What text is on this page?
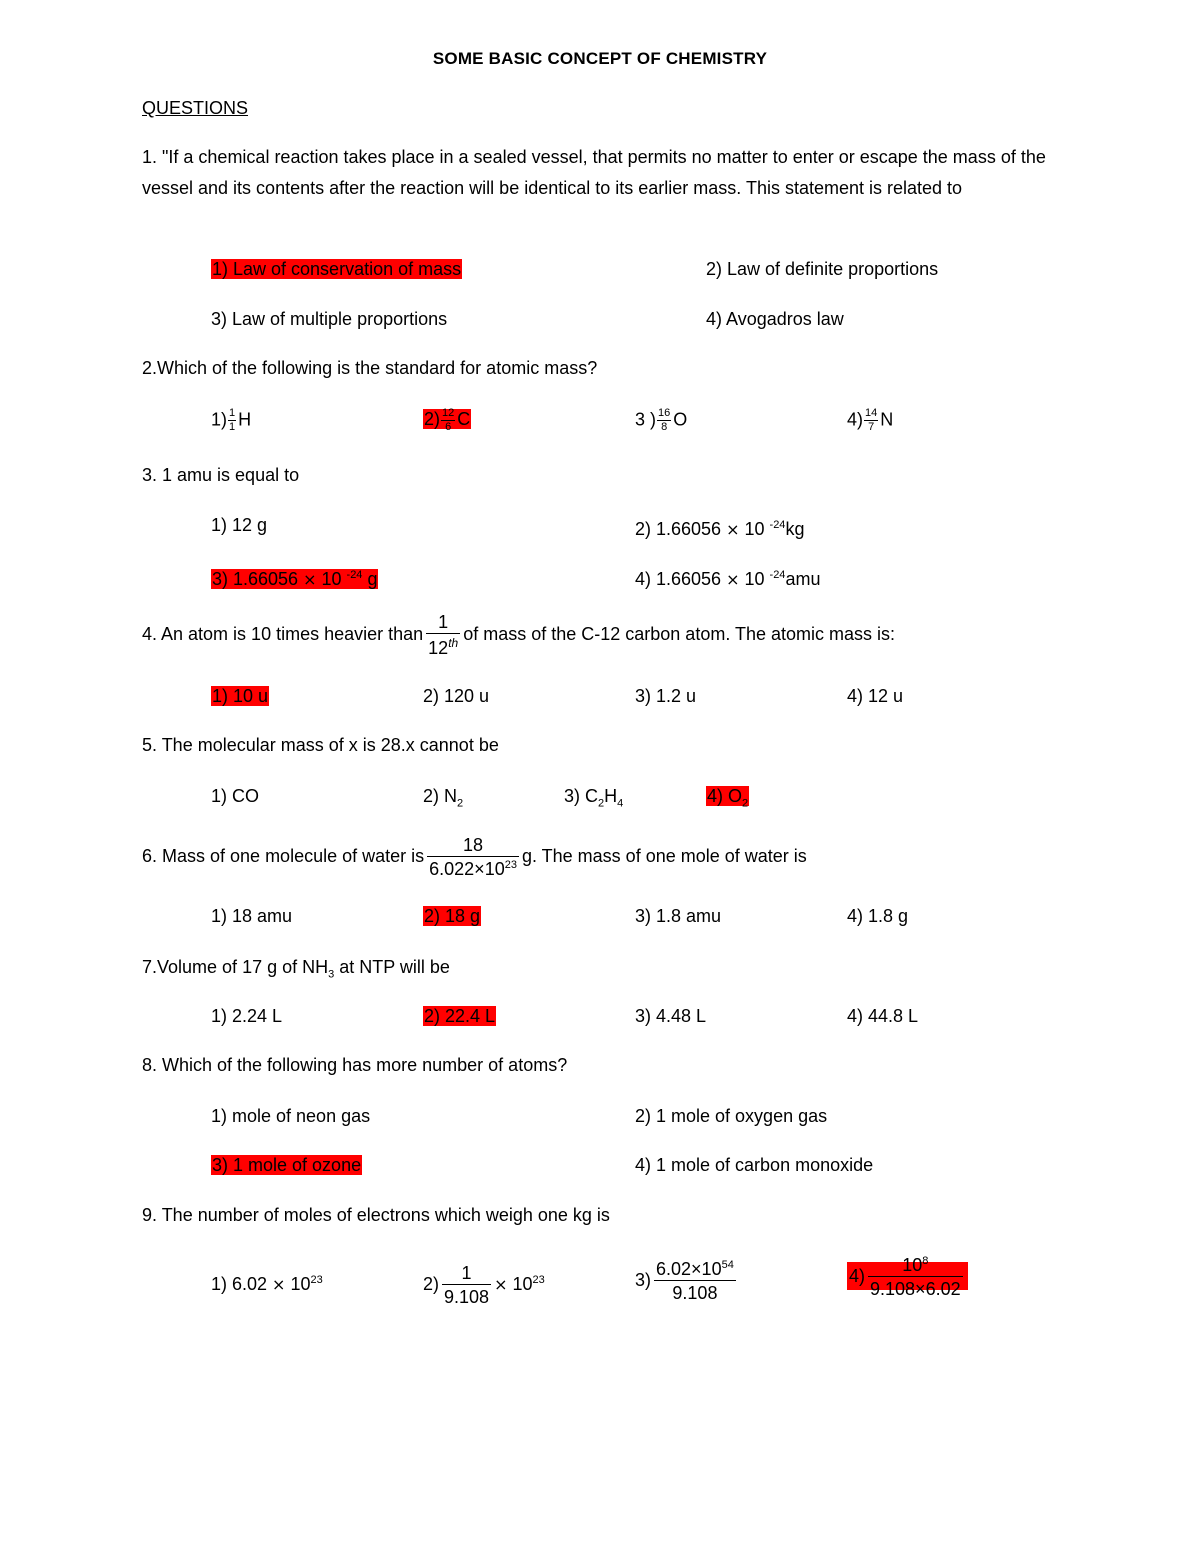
SOME BASIC CONCEPT OF CHEMISTRY
QUESTIONS
1. "If a chemical reaction takes place in a sealed vessel, that permits no matter to enter or escape the mass of the vessel and its contents after the reaction will be identical to its earlier mass. This statement is related to
1) Law of conservation of mass	2) Law of definite proportions
3) Law of multiple proportions	4) Avogadros law
2.Which of the following is the standard for atomic mass?
$1) \frac{1}{1}$ H	$2) \frac{12}{6}$ C	3 ) $\frac{16}{8}$ O	$4) \frac{14}{7}$ N
3. 1 amu is equal to
1) 12 g	2) 1.66056 × 10 $^{-24}$kg
3) 1.66056 × 10 $^{-24}$ g	4) 1.66056 × 10 $^{-24}$amu
4. An atom is 10 times heavier than $\frac{1}{12^{th}}$ of mass of the C-12 carbon atom. The atomic mass is:
1) 10 u	2) 120 u	3) 1.2 u	4) 12 u
5. The molecular mass of x is 28.x cannot be
1) CO	2) $N_2$	3) $C_2H_4$	4) $O_2$
6. Mass of one molecule of water is $\frac{18}{6.022\times 10^{23}} g$. The mass of one mole of water is
1) 18 amu	2) 18 g	3) 1.8 amu	4) 1.8 g
7.Volume of 17 g of $NH_3$ at NTP will be
1) 2.24 L	2) 22.4 L	3) 4.48 L	4) 44.8 L
8. Which of the following has more number of atoms?
1) mole of neon gas	2) 1 mole of oxygen gas
3) 1 mole of ozone	4) 1 mole of carbon monoxide
9. The number of moles of electrons which weigh one kg is
1) $6.02 \times 10^{23}$	$2) \frac{1}{9.108} \times 10^{23}$	$3) \frac{6.02\times 10^{54}}{9.108}$	$4) \frac{10^8}{9.108\times 6.02}$
